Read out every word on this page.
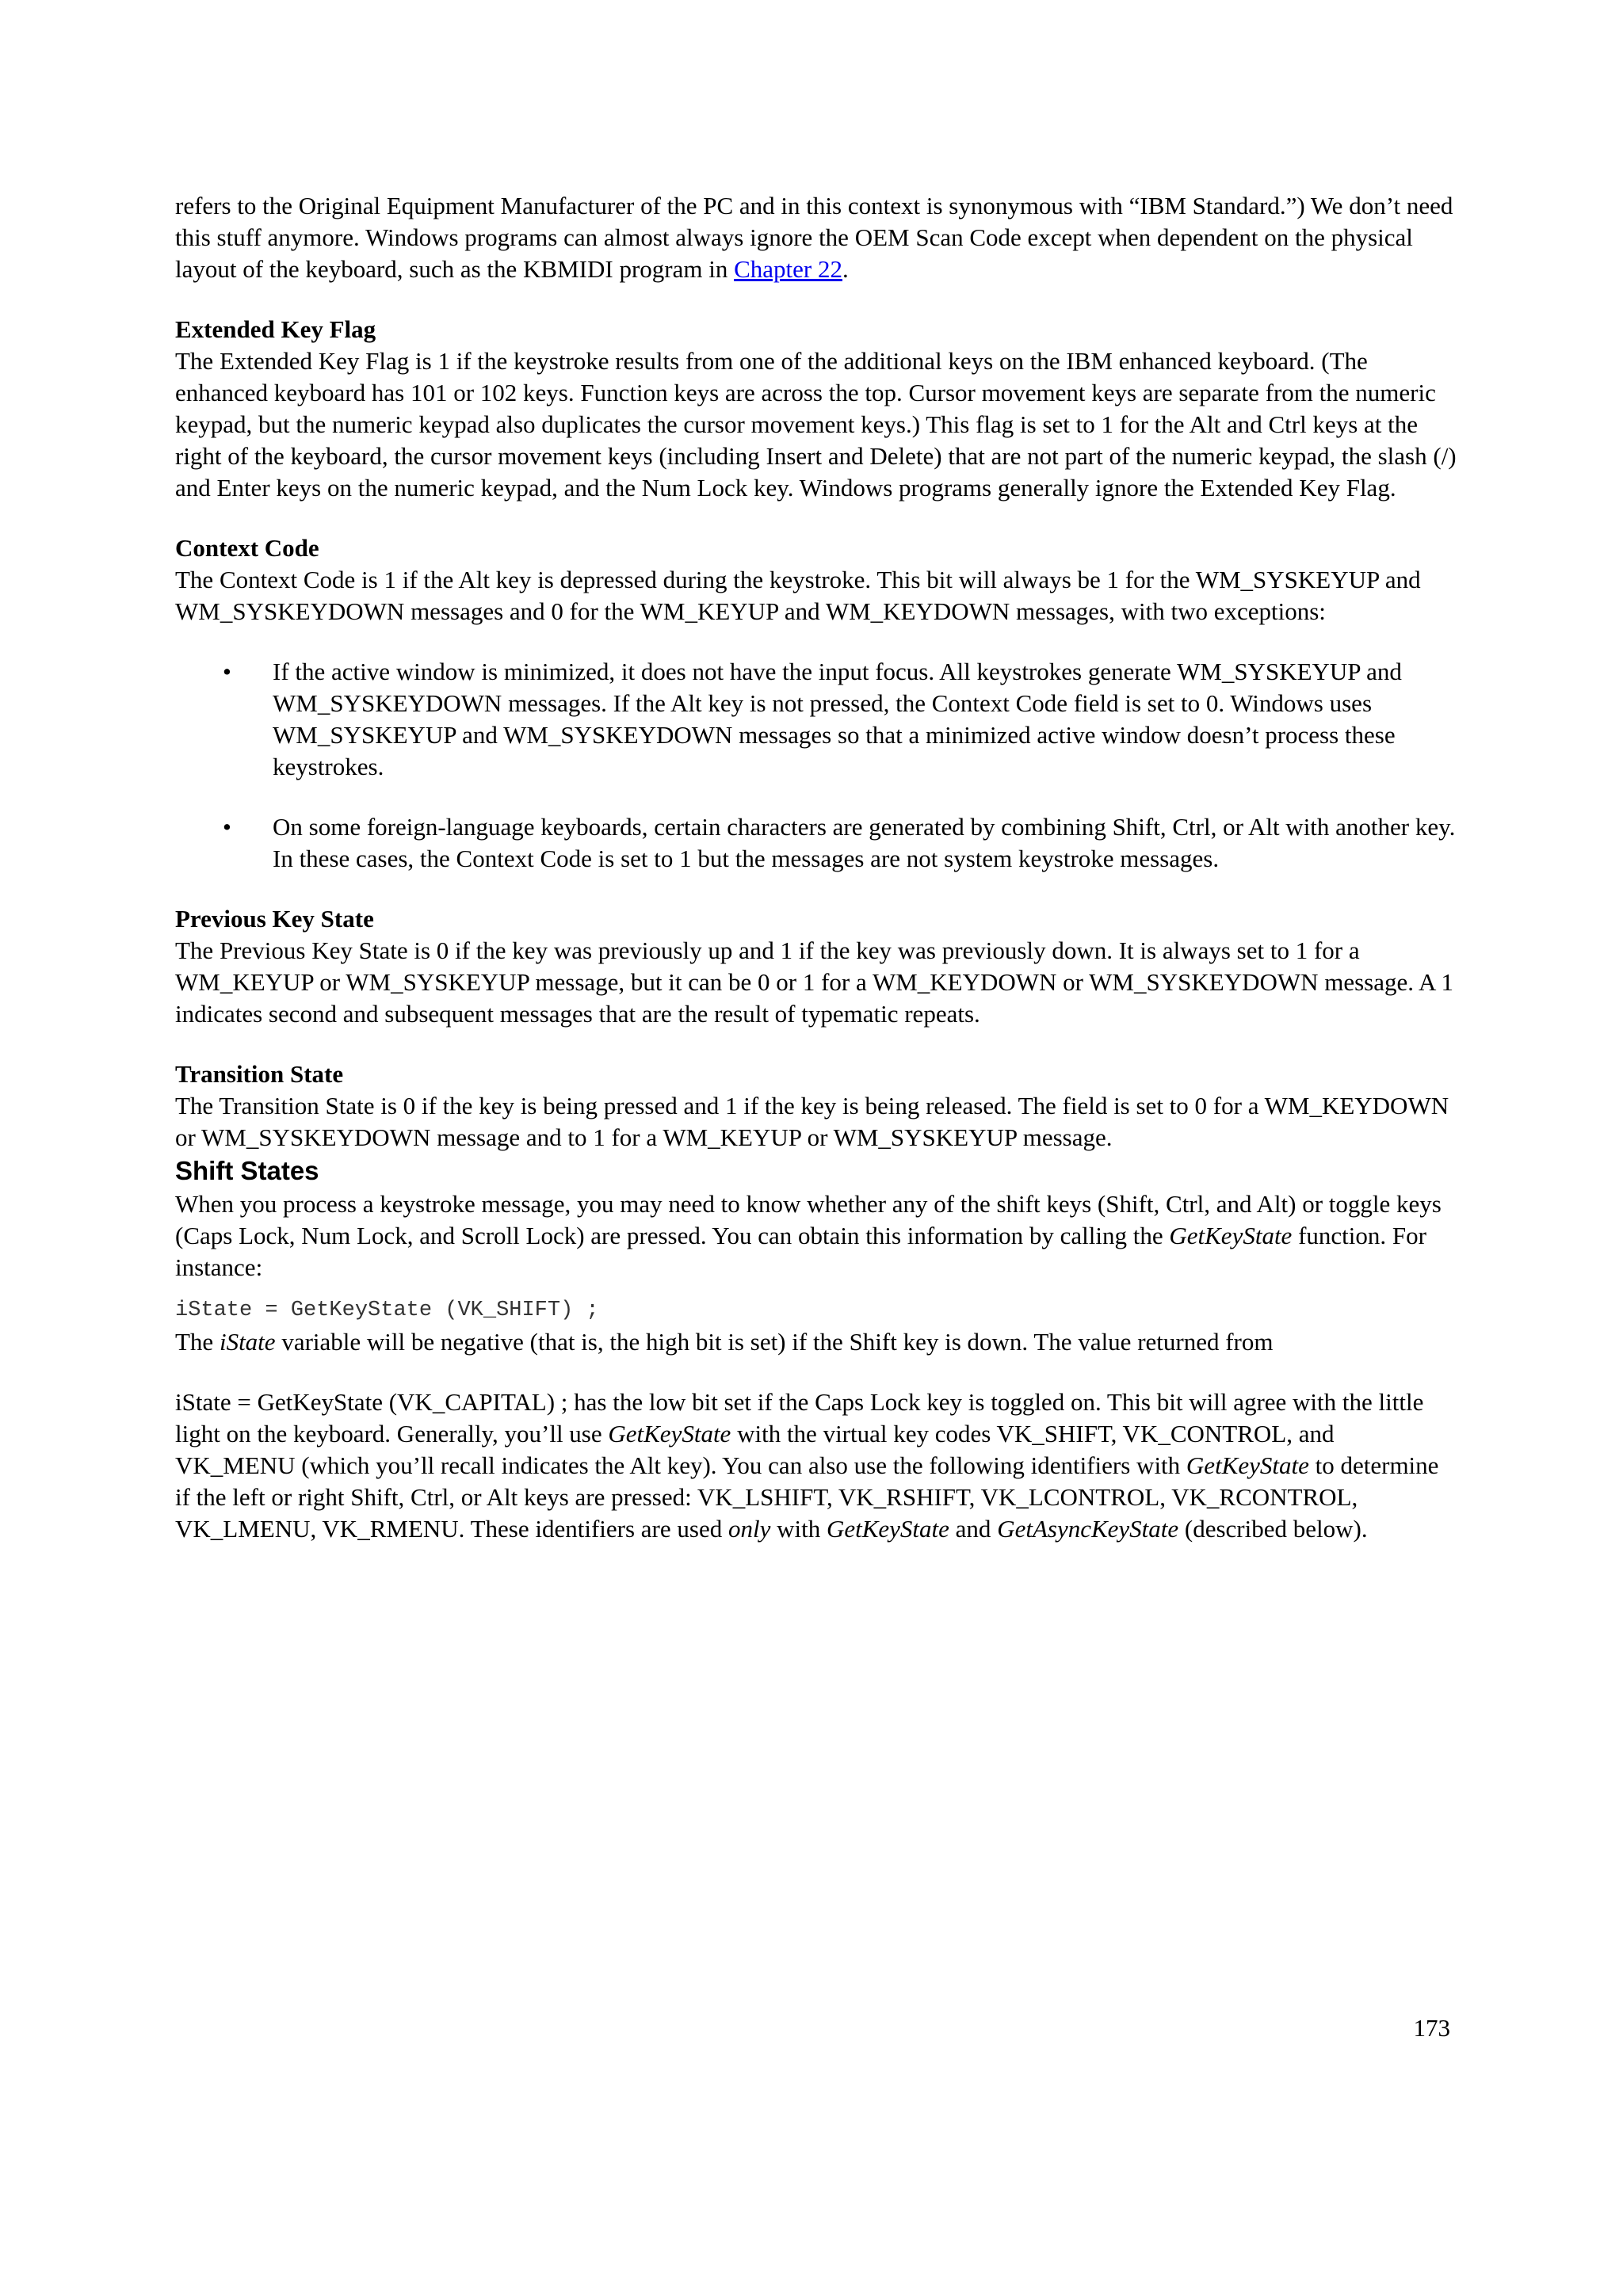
refers to the Original Equipment Manufacturer of the PC and in this context is synonymous with “IBM Standard.”) We don’t need this stuff anymore. Windows programs can almost always ignore the OEM Scan Code except when dependent on the physical layout of the keyboard, such as the KBMIDI program in Chapter 22.

Extended Key Flag

The Extended Key Flag is 1 if the keystroke results from one of the additional keys on the IBM enhanced keyboard. (The enhanced keyboard has 101 or 102 keys. Function keys are across the top. Cursor movement keys are separate from the numeric keypad, but the numeric keypad also duplicates the cursor movement keys.) This flag is set to 1 for the Alt and Ctrl keys at the right of the keyboard, the cursor movement keys (including Insert and Delete) that are not part of the numeric keypad, the slash (/) and Enter keys on the numeric keypad, and the Num Lock key. Windows programs generally ignore the Extended Key Flag.

Context Code

The Context Code is 1 if the Alt key is depressed during the keystroke. This bit will always be 1 for the WM_SYSKEYUP and WM_SYSKEYDOWN messages and 0 for the WM_KEYUP and WM_KEYDOWN messages, with two exceptions:

• If the active window is minimized, it does not have the input focus. All keystrokes generate WM_SYSKEYUP and WM_SYSKEYDOWN messages. If the Alt key is not pressed, the Context Code field is set to 0. Windows uses WM_SYSKEYUP and WM_SYSKEYDOWN messages so that a minimized active window doesn’t process these keystrokes.
• On some foreign-language keyboards, certain characters are generated by combining Shift, Ctrl, or Alt with another key. In these cases, the Context Code is set to 1 but the messages are not system keystroke messages.

Previous Key State

The Previous Key State is 0 if the key was previously up and 1 if the key was previously down. It is always set to 1 for a WM_KEYUP or WM_SYSKEYUP message, but it can be 0 or 1 for a WM_KEYDOWN or WM_SYSKEYDOWN message. A 1 indicates second and subsequent messages that are the result of typematic repeats.

Transition State

The Transition State is 0 if the key is being pressed and 1 if the key is being released. The field is set to 0 for a WM_KEYDOWN or WM_SYSKEYDOWN message and to 1 for a WM_KEYUP or WM_SYSKEYUP message.

Shift States

When you process a keystroke message, you may need to know whether any of the shift keys (Shift, Ctrl, and Alt) or toggle keys (Caps Lock, Num Lock, and Scroll Lock) are pressed. You can obtain this information by calling the GetKeyState function. For instance:

iState = GetKeyState (VK_SHIFT) ;

The iState variable will be negative (that is, the high bit is set) if the Shift key is down. The value returned from

iState = GetKeyState (VK_CAPITAL) ; has the low bit set if the Caps Lock key is toggled on. This bit will agree with the little light on the keyboard. Generally, you’ll use GetKeyState with the virtual key codes VK_SHIFT, VK_CONTROL, and VK_MENU (which you’ll recall indicates the Alt key). You can also use the following identifiers with GetKeyState to determine if the left or right Shift, Ctrl, or Alt keys are pressed: VK_LSHIFT, VK_RSHIFT, VK_LCONTROL, VK_RCONTROL, VK_LMENU, VK_RMENU. These identifiers are used only with GetKeyState and GetAsyncKeyState (described below).

173
